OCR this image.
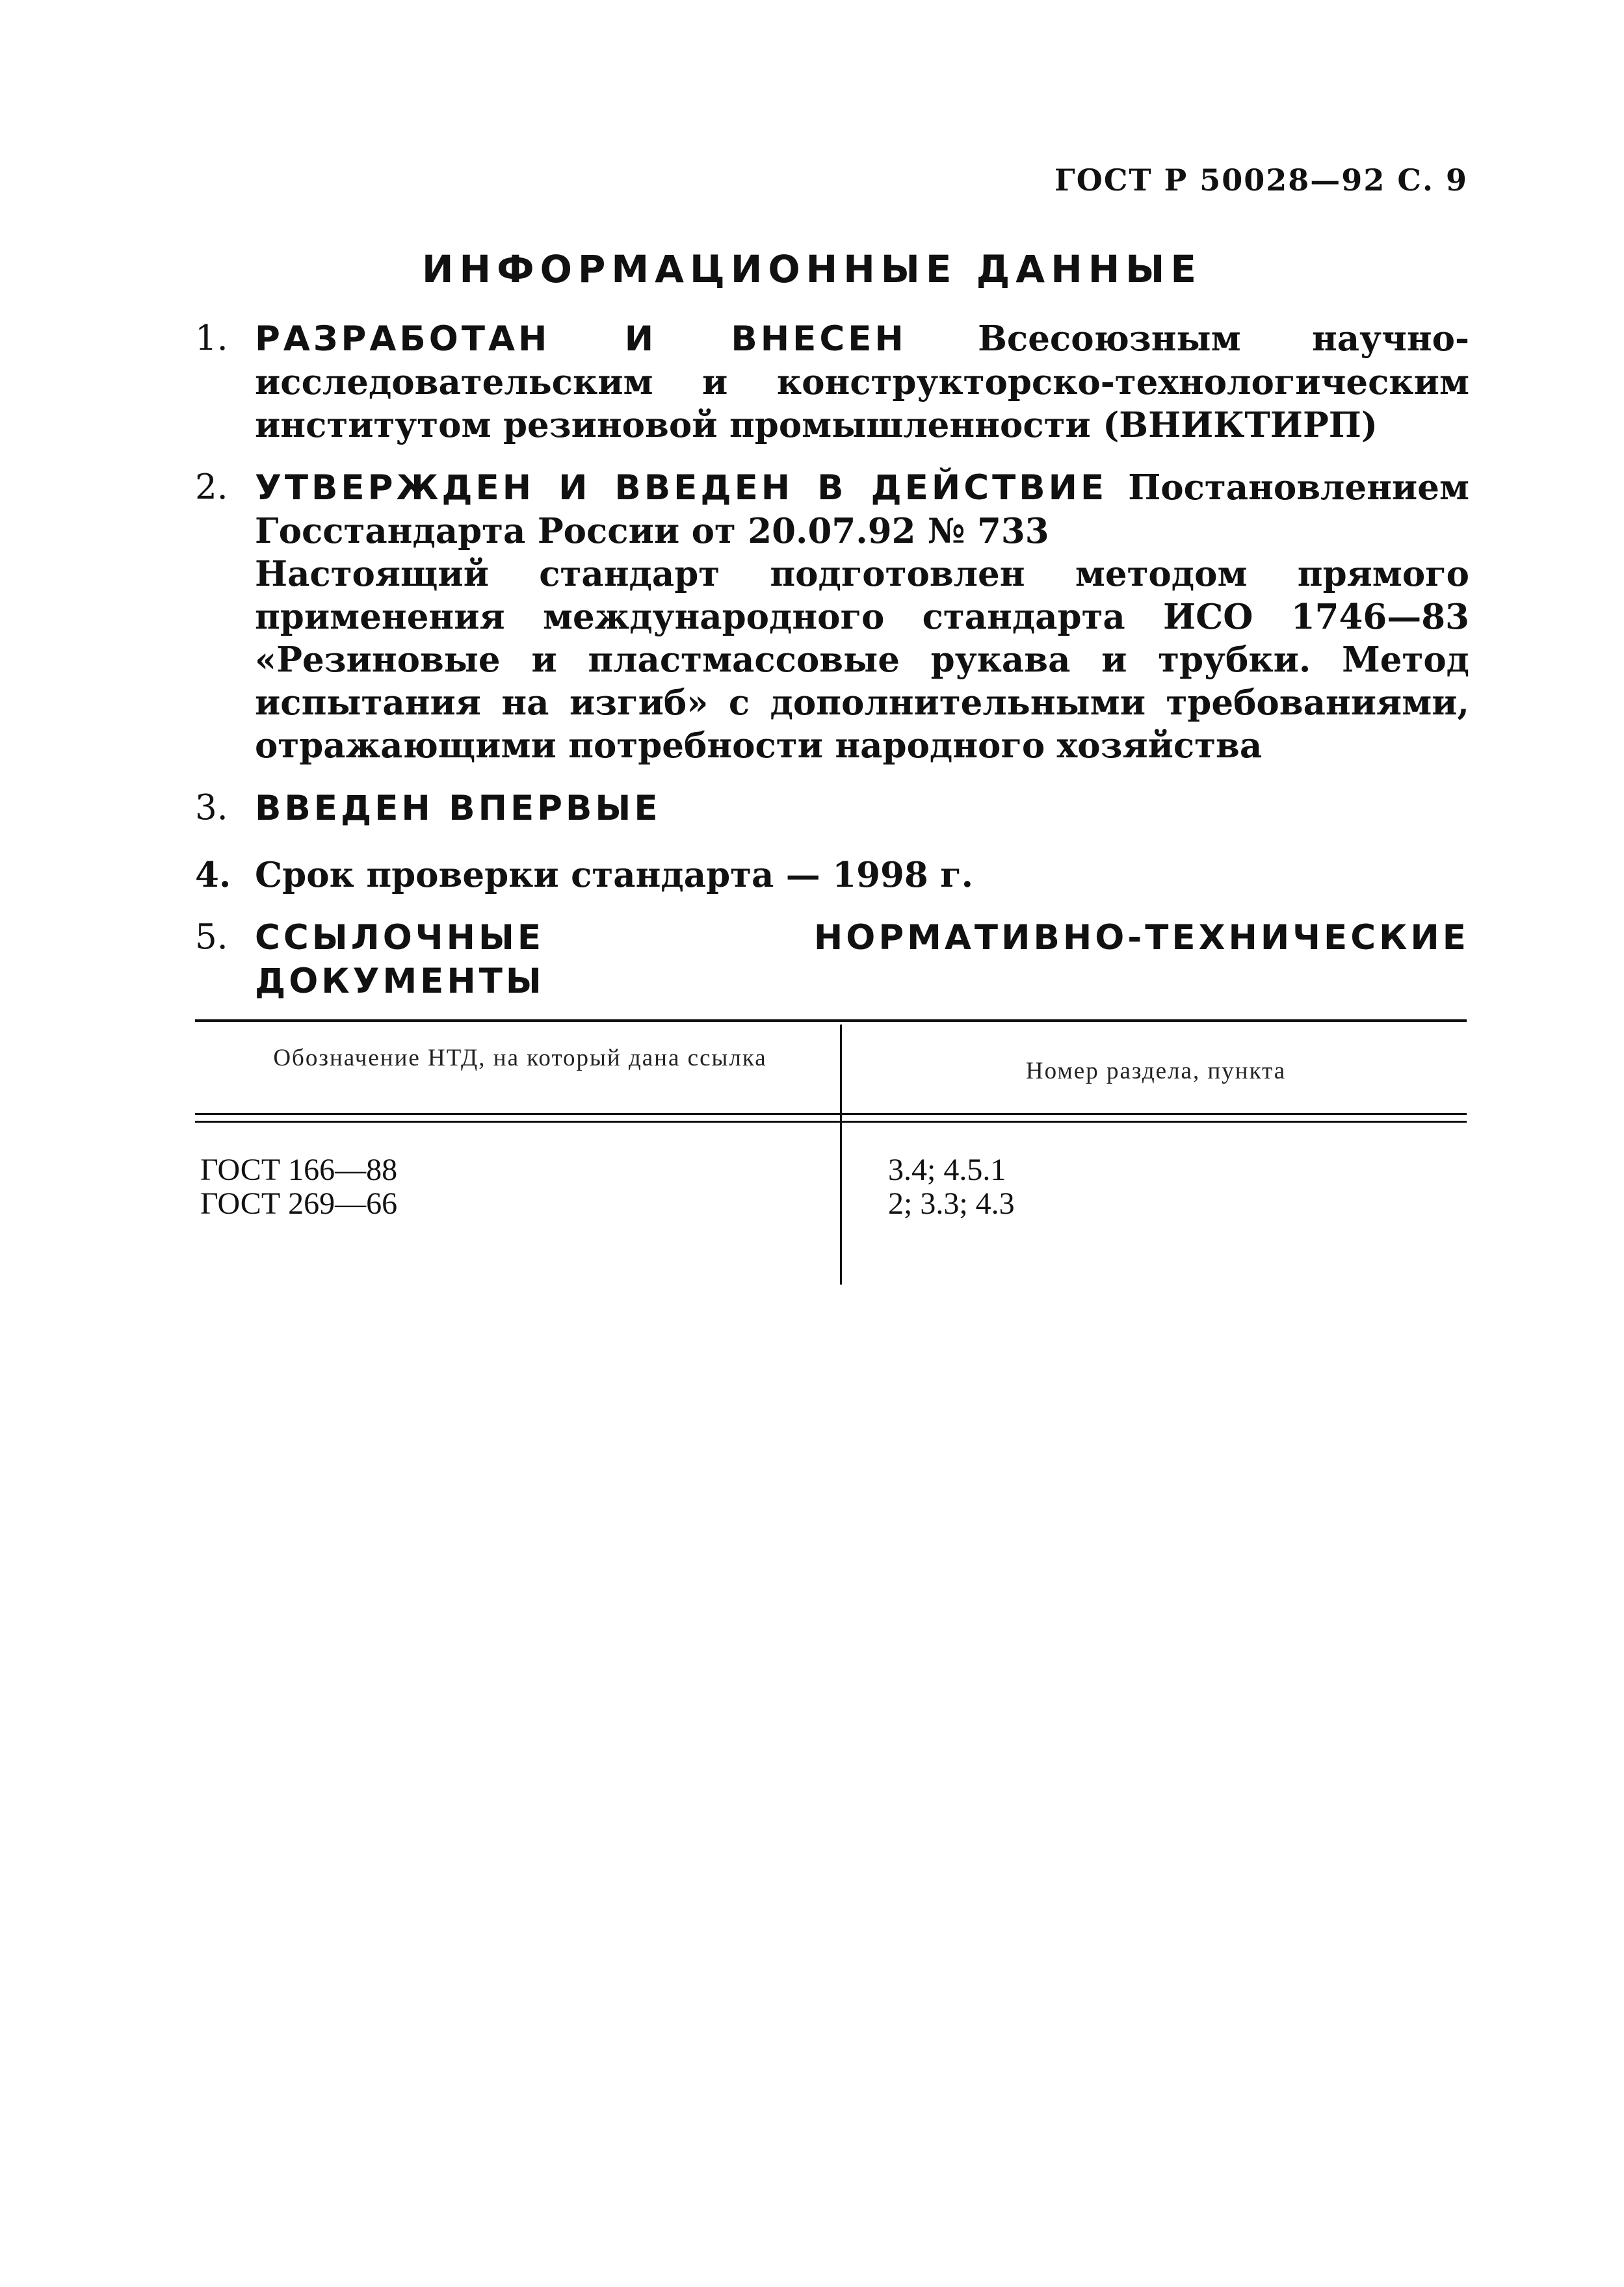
ГОСТ Р 50028—92 С. 9
ИНФОРМАЦИОННЫЕ ДАННЫЕ
1. РАЗРАБОТАН И ВНЕСЕН Всесоюзным научно-исследовательским и конструкторско-технологическим институтом резиновой промышленности (ВНИКТИРП)

2. УТВЕРЖДЕН И ВВЕДЕН В ДЕЙСТВИЕ Постановлением Госстандарта России от 20.07.92 № 733

Настоящий стандарт подготовлен методом прямого применения международного стандарта ИСО 1746—83 «Резиновые и пластмассовые рукава и трубки. Метод испытания на изгиб» с дополнительными требованиями, отражающими потребности народного хозяйства

3. ВВЕДЕН ВПЕРВЫЕ

4. Срок проверки стандарта — 1998 г.

5. ССЫЛОЧНЫЕ НОРМАТИВНО-ТЕХНИЧЕСКИЕ ДОКУМЕНТЫ

Обозначение НТД, на который дана ссылка	Номер раздела, пункта
ГОСТ 166—88	3.4; 4.5.1
ГОСТ 269—66	2; 3.3; 4.3
